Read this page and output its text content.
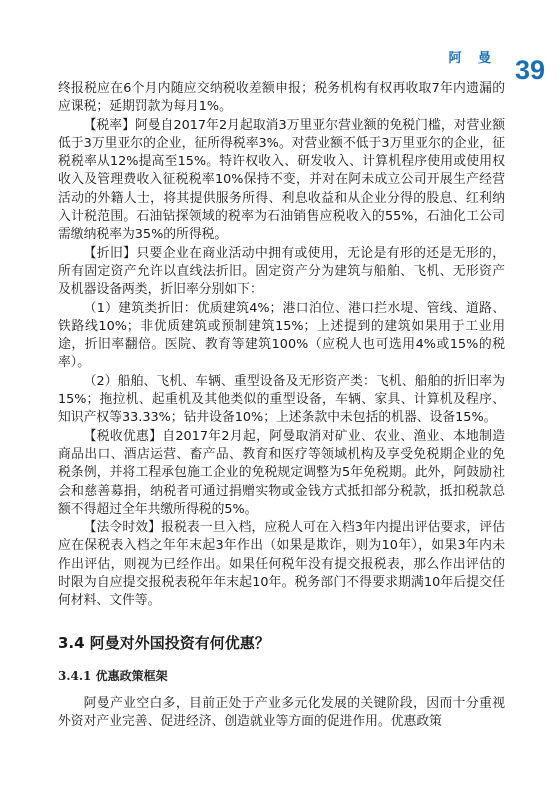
阿 曼 39

终报税应在6个月内随应交纳税收差额申报；税务机构有权再收取7年内遗漏的应课税；延期罚款为每月1%。

【税率】阿曼自2017年2月起取消3万里亚尔营业额的免税门槛，对营业额低于3万里亚尔的企业，征所得税率3%。对营业额不低于3万里亚尔的企业，征税税率从12%提高至15%。特许权收入、研发收入、计算机程序使用或使用权收入及管理费收入征税税率10%保持不变，并对在阿未成立公司开展生产经营活动的外籍人士，将其提供服务所得、利息收益和从企业分得的股息、红利纳入计税范围。石油钻探领域的税率为石油销售应税收入的55%，石油化工公司需缴纳税率为35%的所得税。

【折旧】只要企业在商业活动中拥有或使用，无论是有形的还是无形的，所有固定资产允许以直线法折旧。固定资产分为建筑与船舶、飞机、无形资产及机器设备两类，折旧率分别如下：

（1）建筑类折旧：优质建筑4%；港口泊位、港口拦水堤、管线、道路、铁路线10%；非优质建筑或预制建筑15%；上述提到的建筑如果用于工业用途，折旧率翻倍。医院、教育等建筑100%（应税人也可选用4%或15%的税率）。

（2）船舶、飞机、车辆、重型设备及无形资产类：飞机、船舶的折旧率为15%；拖拉机、起重机及其他类似的重型设备，车辆、家具、计算机及程序、知识产权等33.33%；钻井设备10%；上述条款中未包括的机器、设备15%。

【税收优惠】自2017年2月起，阿曼取消对矿业、农业、渔业、本地制造商品出口、酒店运营、畜产品、教育和医疗等领域机构及享受免税期企业的免税条例，并将工程承包施工企业的免税规定调整为5年免税期。此外，阿鼓励社会和慈善募捐，纳税者可通过捐赠实物或金钱方式抵扣部分税款，抵扣税款总额不得超过全年共缴所得税的5%。

【法令时效】报税表一旦入档，应税人可在入档3年内提出评估要求，评估应在保税表入档之年年末起3年作出（如果是欺诈，则为10年），如果3年内未作出评估，则视为已经作出。如果任何税年没有提交报税表，那么作出评估的时限为自应提交报税表税年年末起10年。税务部门不得要求期满10年后提交任何材料、文件等。

3.4 阿曼对外国投资有何优惠？
3.4.1 优惠政策框架

阿曼产业空白多，目前正处于产业多元化发展的关键阶段，因而十分重视外资对产业完善、促进经济、创造就业等方面的促进作用。优惠政策
